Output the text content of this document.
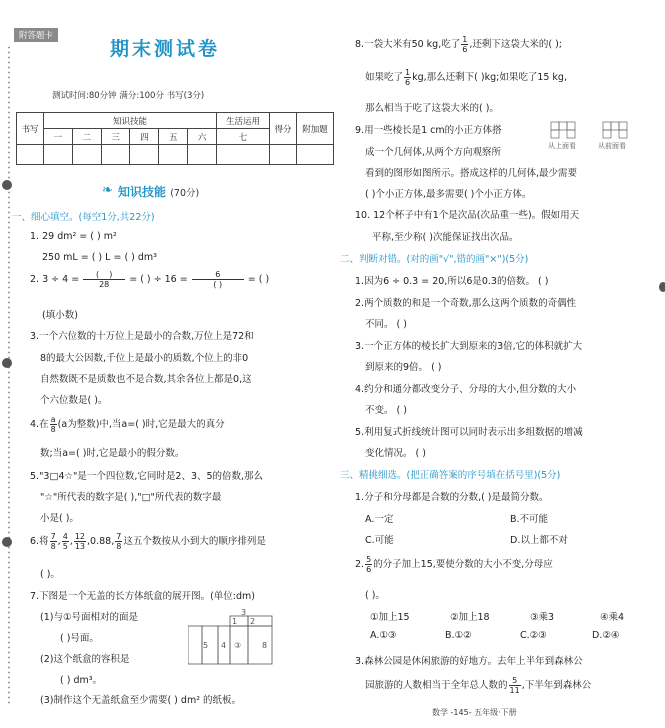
附答题卡
期末测试卷
测试时间:80分钟 满分:100分 书写(3分)
书写	知识技能						生活运用	得分	附加题
	一	二	三	四	五	六	七		

❧ 知识技能 (70分)
一、细心填空。(每空1分,共22分)
1. 29 dm² = ( ) m²
250 mL = ( ) L = ( ) dm³
2. $3 \div 4 = \frac{( )}{28}$ = ( ) ÷ $16 = \frac{6}{( )}$ = ( )
(填小数)
3.一个六位数的十万位上是最小的合数,万位上是72和
8的最大公因数,千位上是最小的质数,个位上的非0
自然数既不是质数也不是合数,其余各位上都是0,这
个六位数是( )。
4.在 $\frac{a}{8} (a$为整数)中,当a=( )时,它是最大的真分
数;当a=( )时,它是最小的假分数。
5."3□4☆"是一个四位数,它同时是2、3、5的倍数,那么
"☆"所代表的数字是( ),"□"所代表的数字最
小是( )。
6.将 $\frac{7}{8}$ , $\frac{4}{5}$ , $\frac{12}{13} ,0.88$, $\frac{7}{8}$ 这五个数按从小到大的顺序排列是
( )。
7.下图是一个无盖的长方体纸盒的展开图。(单位:dm)
(1)与①号面相对的面是
( )号面。
(2)这个纸盒的容积是
( ) dm³。
(3)制作这个无盖纸盒至少需要( ) dm² 的纸板。
3
1 2
5 4 ③	8
8.一袋大米有50 kg,吃了 $\frac{1}{6}$ ,还剩下这袋大米的( );
如果吃了 $\frac{1}{6}$ kg,那么还剩下( )kg;如果吃了15 kg,
那么相当于吃了这袋大米的( )。
9.用一些棱长是1 cm的小正方体搭
成一个几何体,从两个方向观察所
看到的图形如图所示。搭成这样的几何体,最少需要
( )个小正方体,最多需要( )个小正方体。
从上面看	从前面看
10. 12个杯子中有1个是次品(次品重一些)。假如用天
平称,至少称( )次能保证找出次品。
二、判断对错。(对的画"√",错的画"×")(5分)
1.因为6 ÷ 0.3 = 20,所以6是0.3的倍数。 ( )
2.两个质数的和是一个奇数,那么这两个质数的奇偶性
不同。 ( )
3.一个正方体的棱长扩大到原来的3倍,它的体积就扩大
到原来的9倍。 ( )
4.约分和通分都改变分子、分母的大小,但分数的大小
不变。 ( )
5.利用复式折线统计图可以同时表示出多组数据的增减
变化情况。 ( )
三、精挑细选。(把正确答案的序号填在括号里)(5分)
1.分子和分母都是合数的分数,( )是最简分数。
A.一定	B.不可能
C.可能	D.以上都不对
2. $\frac{5}{6}$ 的分子加上15,要使分数的大小不变,分母应
( )。
①加上15	②加上18	③乘3	④乘4
A.①③	B.①②	C.②③	D.②④
3.森林公园是休闲旅游的好地方。去年上半年到森林公
园旅游的人数相当于全年总人数的 $\frac{5}{11}$ ,下半年到森林公
数学 -145- 五年级·下册
